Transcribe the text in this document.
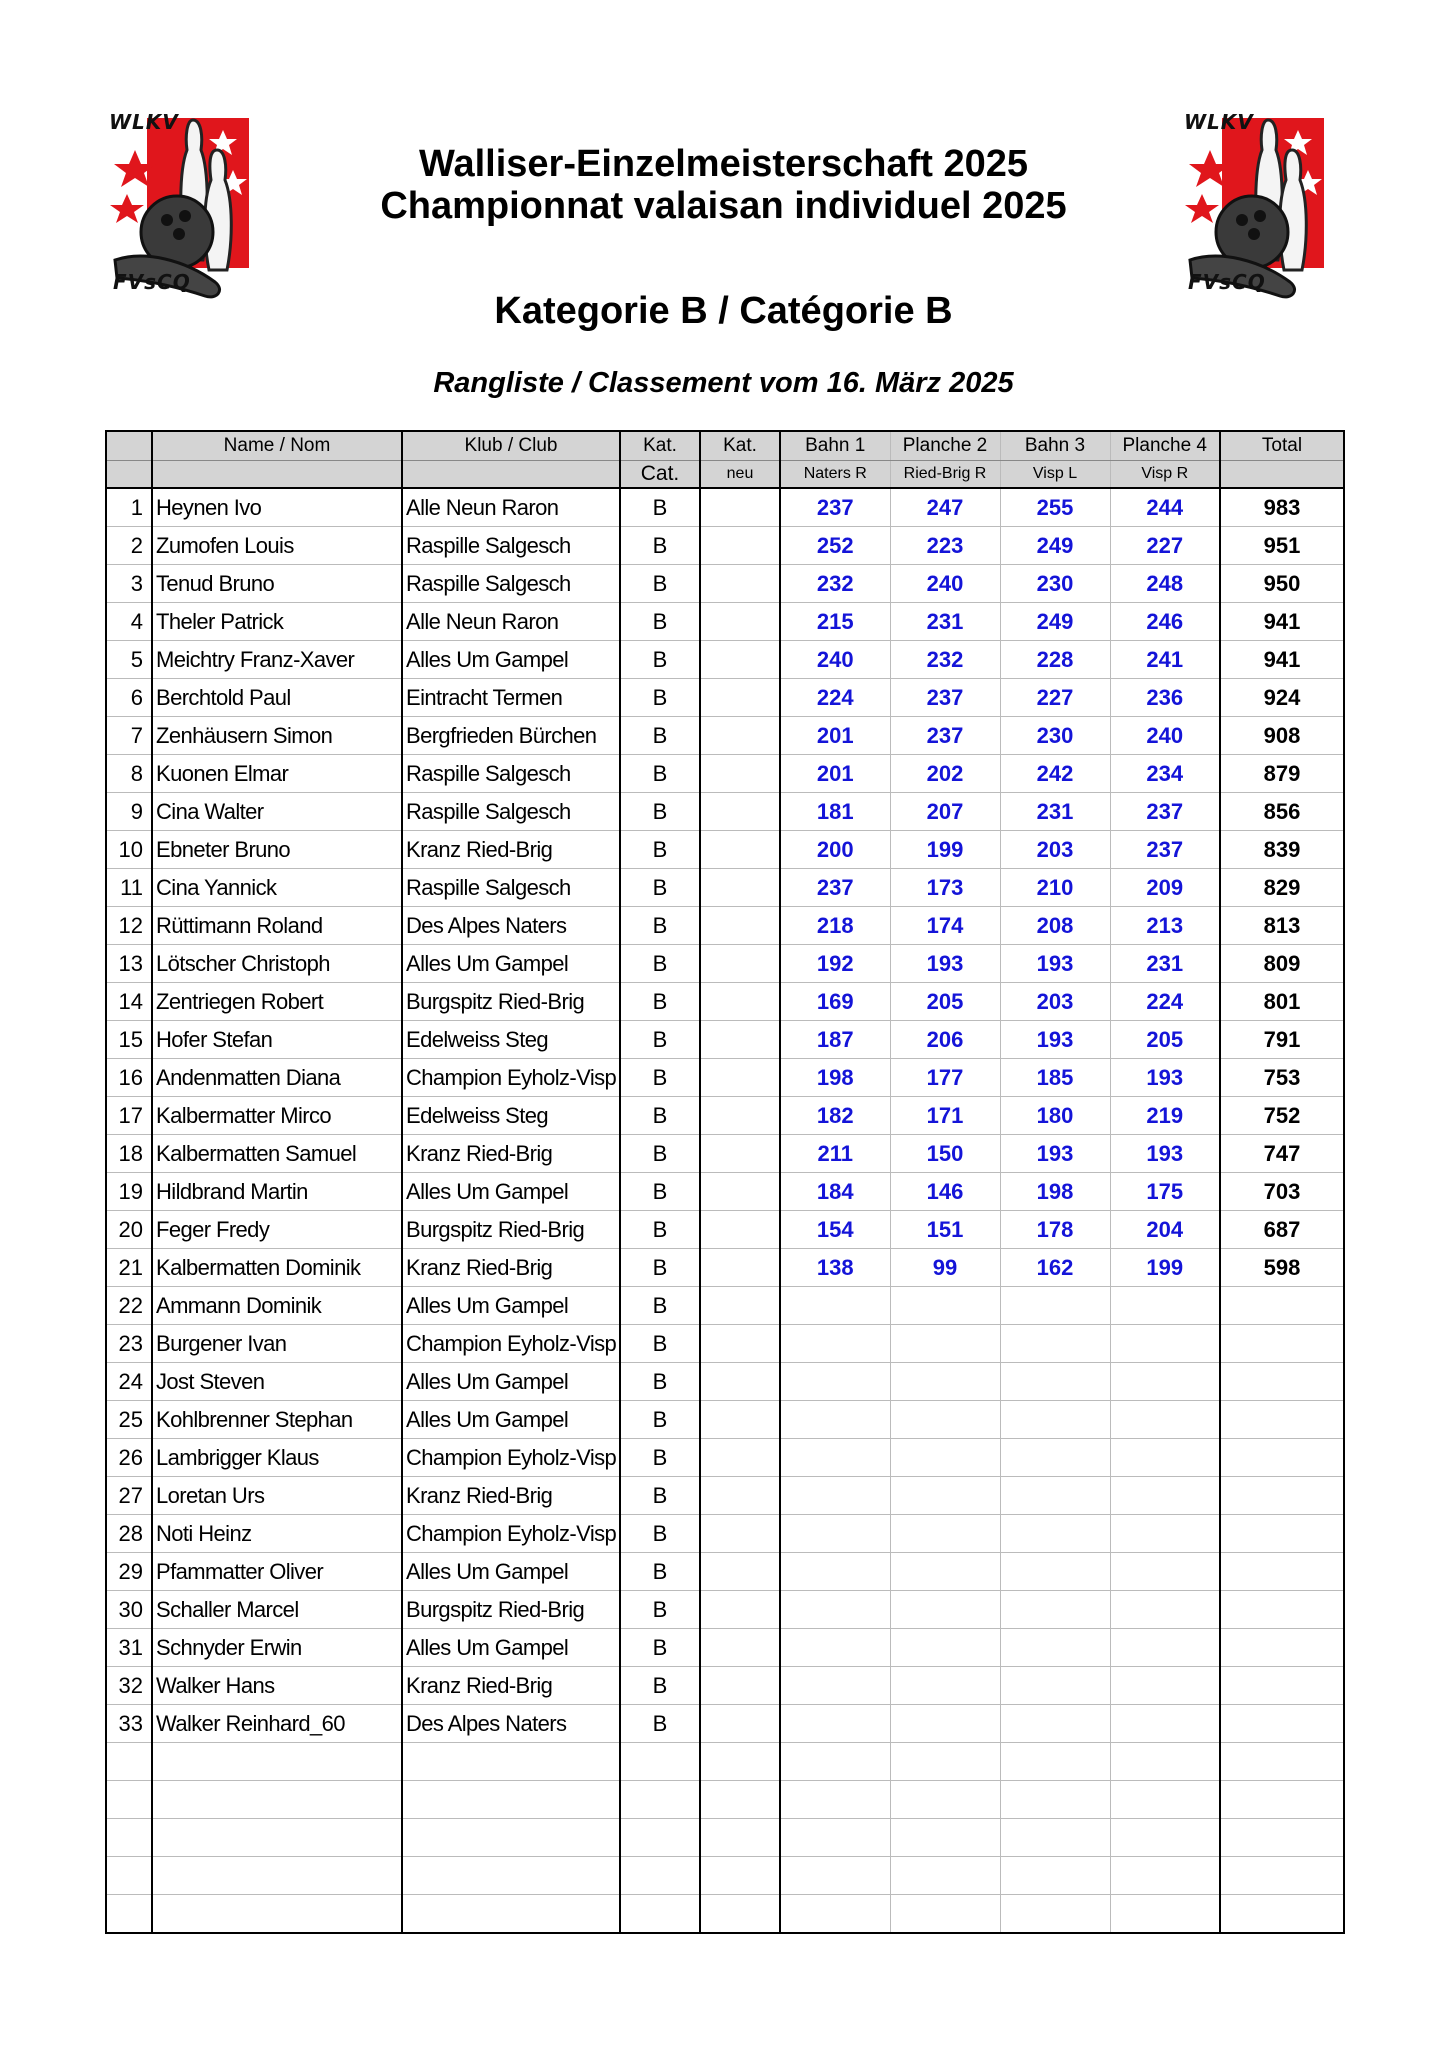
WLKV
FVsCQ
WLKV
FVsCQ
Walliser-Einzelmeisterschaft 2025
Championnat valaisan individuel 2025
Kategorie B / Catégorie B
Rangliste / Classement vom 16. März 2025
	Name / Nom	Klub / Club	Kat.	Kat.	Bahn 1	Planche 2	Bahn 3	Planche 4	Total
			Cat.	neu	Naters R	Ried-Brig R	Visp L	Visp R	
1	Heynen Ivo	Alle Neun Raron	B		237	247	255	244	983
2	Zumofen Louis	Raspille Salgesch	B		252	223	249	227	951
3	Tenud Bruno	Raspille Salgesch	B		232	240	230	248	950
4	Theler Patrick	Alle Neun Raron	B		215	231	249	246	941
5	Meichtry Franz-Xaver	Alles Um Gampel	B		240	232	228	241	941
6	Berchtold Paul	Eintracht Termen	B		224	237	227	236	924
7	Zenhäusern Simon	Bergfrieden Bürchen	B		201	237	230	240	908
8	Kuonen Elmar	Raspille Salgesch	B		201	202	242	234	879
9	Cina Walter	Raspille Salgesch	B		181	207	231	237	856
10	Ebneter Bruno	Kranz Ried-Brig	B		200	199	203	237	839
11	Cina Yannick	Raspille Salgesch	B		237	173	210	209	829
12	Rüttimann Roland	Des Alpes Naters	B		218	174	208	213	813
13	Lötscher Christoph	Alles Um Gampel	B		192	193	193	231	809
14	Zentriegen Robert	Burgspitz Ried-Brig	B		169	205	203	224	801
15	Hofer Stefan	Edelweiss Steg	B		187	206	193	205	791
16	Andenmatten Diana	Champion Eyholz-Visp	B		198	177	185	193	753
17	Kalbermatter Mirco	Edelweiss Steg	B		182	171	180	219	752
18	Kalbermatten Samuel	Kranz Ried-Brig	B		211	150	193	193	747
19	Hildbrand Martin	Alles Um Gampel	B		184	146	198	175	703
20	Feger Fredy	Burgspitz Ried-Brig	B		154	151	178	204	687
21	Kalbermatten Dominik	Kranz Ried-Brig	B		138	99	162	199	598
22	Ammann Dominik	Alles Um Gampel	B						
23	Burgener Ivan	Champion Eyholz-Visp	B						
24	Jost Steven	Alles Um Gampel	B						
25	Kohlbrenner Stephan	Alles Um Gampel	B						
26	Lambrigger Klaus	Champion Eyholz-Visp	B						
27	Loretan Urs	Kranz Ried-Brig	B						
28	Noti Heinz	Champion Eyholz-Visp	B						
29	Pfammatter Oliver	Alles Um Gampel	B						
30	Schaller Marcel	Burgspitz Ried-Brig	B						
31	Schnyder Erwin	Alles Um Gampel	B						
32	Walker Hans	Kranz Ried-Brig	B						
33	Walker Reinhard_60	Des Alpes Naters	B						
